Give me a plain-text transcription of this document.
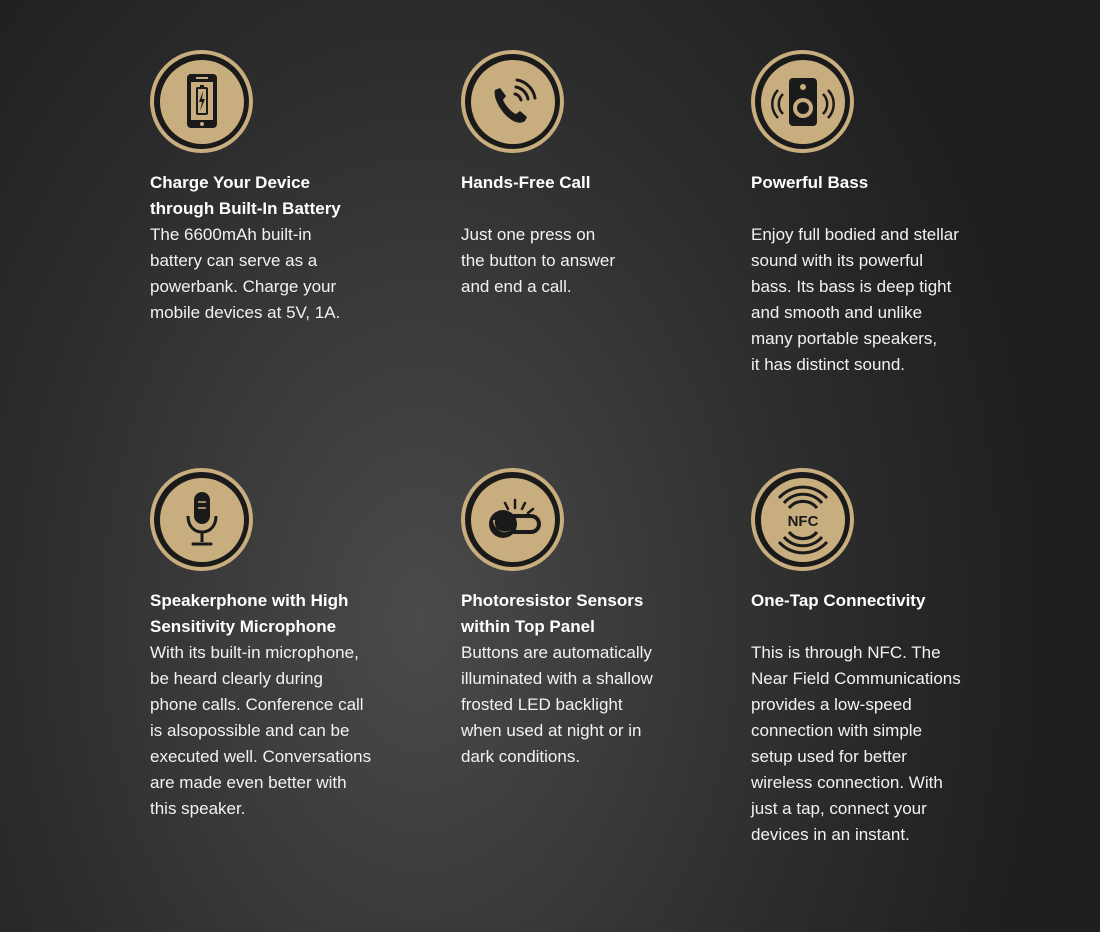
Charge Your Device
through Built-In Battery
The 6600mAh built-in
battery can serve as a
powerbank. Charge your
mobile devices at 5V, 1A.
Hands-Free Call
Just one press on
the button to answer
and end a call.
Powerful Bass
Enjoy full bodied and stellar
sound with its powerful
bass. Its bass is deep tight
and smooth and unlike
many portable speakers,
it has distinct sound.
Speakerphone with High
Sensitivity Microphone
With its built-in microphone,
be heard clearly during
phone calls. Conference call
is alsopossible and can be
executed well. Conversations
are made even better with
this speaker.
Photoresistor Sensors
within Top Panel
Buttons are automatically
illuminated with a shallow
frosted LED backlight
when used at night or in
dark conditions.
NFC
One-Tap Connectivity
This is through NFC. The
Near Field Communications
provides a low-speed
connection with simple
setup used for better
wireless connection. With
just a tap, connect your
devices in an instant.
